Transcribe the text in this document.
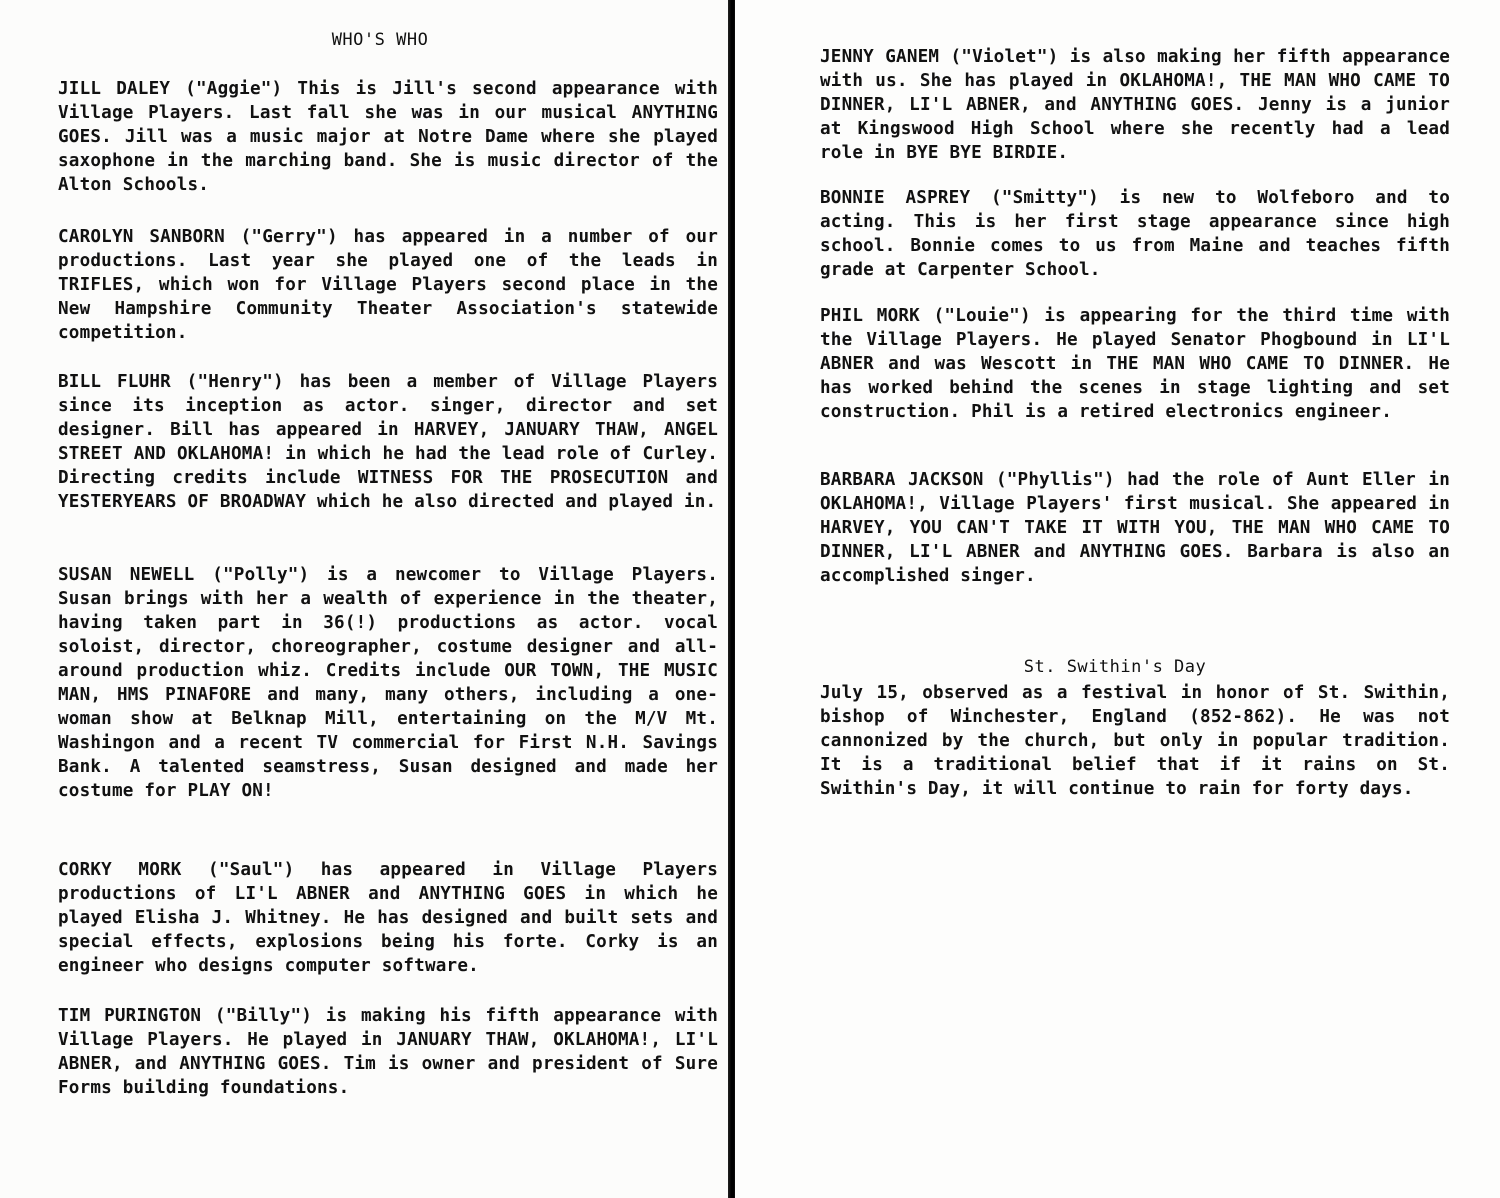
WHO'S WHO

JILL DALEY ("Aggie") This is Jill's second appearance with Village Players. Last fall she was in our musical ANYTHING GOES. Jill was a music major at Notre Dame where she played saxophone in the marching band. She is music director of the Alton Schools.

CAROLYN SANBORN ("Gerry") has appeared in a number of our productions. Last year she played one of the leads in TRIFLES, which won for Village Players second place in the New Hampshire Community Theater Association's statewide competition.

BILL FLUHR ("Henry") has been a member of Village Players since its inception as actor. singer, director and set designer. Bill has appeared in HARVEY, JANUARY THAW, ANGEL STREET AND OKLAHOMA! in which he had the lead role of Curley. Directing credits include WITNESS FOR THE PROSECUTION and YESTERYEARS OF BROADWAY which he also directed and played in.

SUSAN NEWELL ("Polly") is a newcomer to Village Players. Susan brings with her a wealth of experience in the theater, having taken part in 36(!) productions as actor. vocal soloist, director, choreographer, costume designer and all-around production whiz. Credits include OUR TOWN, THE MUSIC MAN, HMS PINAFORE and many, many others, including a one-woman show at Belknap Mill, entertaining on the M/V Mt. Washingon and a recent TV commercial for First N.H. Savings Bank. A talented seamstress, Susan designed and made her costume for PLAY ON!

CORKY MORK ("Saul") has appeared in Village Players productions of LI'L ABNER and ANYTHING GOES in which he played Elisha J. Whitney. He has designed and built sets and special effects, explosions being his forte. Corky is an engineer who designs computer software.

TIM PURINGTON ("Billy") is making his fifth appearance with Village Players. He played in JANUARY THAW, OKLAHOMA!, LI'L ABNER, and ANYTHING GOES. Tim is owner and president of Sure Forms building foundations.

JENNY GANEM ("Violet") is also making her fifth appearance with us. She has played in OKLAHOMA!, THE MAN WHO CAME TO DINNER, LI'L ABNER, and ANYTHING GOES. Jenny is a junior at Kingswood High School where she recently had a lead role in BYE BYE BIRDIE.

BONNIE ASPREY ("Smitty") is new to Wolfeboro and to acting. This is her first stage appearance since high school. Bonnie comes to us from Maine and teaches fifth grade at Carpenter School.

PHIL MORK ("Louie") is appearing for the third time with the Village Players. He played Senator Phogbound in LI'L ABNER and was Wescott in THE MAN WHO CAME TO DINNER. He has worked behind the scenes in stage lighting and set construction. Phil is a retired electronics engineer.

BARBARA JACKSON ("Phyllis") had the role of Aunt Eller in OKLAHOMA!, Village Players' first musical. She appeared in HARVEY, YOU CAN'T TAKE IT WITH YOU, THE MAN WHO CAME TO DINNER, LI'L ABNER and ANYTHING GOES. Barbara is also an accomplished singer.

St. Swithin's Day

July 15, observed as a festival in honor of St. Swithin, bishop of Winchester, England (852-862). He was not cannonized by the church, but only in popular tradition. It is a traditional belief that if it rains on St. Swithin's Day, it will continue to rain for forty days.
